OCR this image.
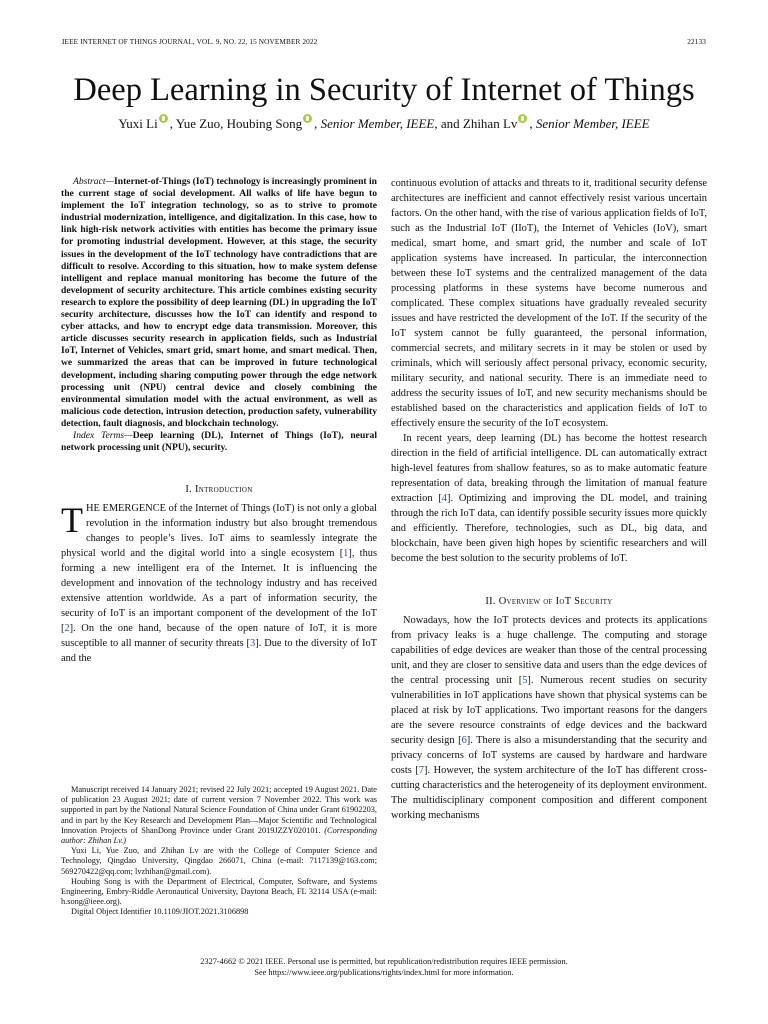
IEEE INTERNET OF THINGS JOURNAL, VOL. 9, NO. 22, 15 NOVEMBER 2022	22133
Deep Learning in Security of Internet of Things
Yuxi Li , Yue Zuo, Houbing Song , Senior Member, IEEE, and Zhihan Lv , Senior Member, IEEE

Abstract—Internet-of-Things (IoT) technology is increasingly prominent in the current stage of social development. All walks of life have begun to implement the IoT integration technology, so as to strive to promote industrial modernization, intelligence, and digitalization. In this case, how to link high-risk network activities with entities has become the primary issue for promoting industrial development. However, at this stage, the security issues in the development of the IoT technology have contradictions that are difficult to resolve. According to this situation, how to make system defense intelligent and replace manual monitoring has become the future of the development of security architecture. This article combines existing security research to explore the possibility of deep learning (DL) in upgrading the IoT security architecture, discusses how the IoT can identify and respond to cyber attacks, and how to encrypt edge data transmission. Moreover, this article discusses security research in application fields, such as Industrial IoT, Internet of Vehicles, smart grid, smart home, and smart medical. Then, we summarized the areas that can be improved in future technological development, including sharing computing power through the edge network processing unit (NPU) central device and closely combining the environmental simulation model with the actual environment, as well as malicious code detection, intrusion detection, production safety, vulnerability detection, fault diagnosis, and blockchain technology.

Index Terms—Deep learning (DL), Internet of Things (IoT), neural network processing unit (NPU), security.

I. Introduction

THE EMERGENCE of the Internet of Things (IoT) is not only a global revolution in the information industry but also brought tremendous changes to people’s lives. IoT aims to seamlessly integrate the physical world and the digital world into a single ecosystem [1], thus forming a new intelligent era of the Internet. It is influencing the development and innovation of the technology industry and has received extensive attention worldwide. As a part of information security, the security of IoT is an important component of the development of the IoT [2]. On the one hand, because of the open nature of IoT, it is more susceptible to all manner of security threats [3]. Due to the diversity of IoT and the

Manuscript received 14 January 2021; revised 22 July 2021; accepted 19 August 2021. Date of publication 23 August 2021; date of current version 7 November 2022. This work was supported in part by the National Natural Science Foundation of China under Grant 61902203, and in part by the Key Research and Development Plan—Major Scientific and Technological Innovation Projects of ShanDong Province under Grant 2019JZZY020101. (Corresponding author: Zhihan Lv.)

Yuxi Li, Yue Zuo, and Zhihan Lv are with the College of Computer Science and Technology, Qingdao University, Qingdao 266071, China (e-mail: 7117139@163.com; 569270422@qq.com; lvzhihan@gmail.com).

Houbing Song is with the Department of Electrical, Computer, Software, and Systems Engineering, Embry-Riddle Aeronautical University, Daytona Beach, FL 32114 USA (e-mail: h.song@ieee.org).

Digital Object Identifier 10.1109/JIOT.2021.3106898

continuous evolution of attacks and threats to it, traditional security defense architectures are inefficient and cannot effectively resist various uncertain factors. On the other hand, with the rise of various application fields of IoT, such as the Industrial IoT (IIoT), the Internet of Vehicles (IoV), smart medical, smart home, and smart grid, the number and scale of IoT application systems have increased. In particular, the interconnection between these IoT systems and the centralized management of the data processing platforms in these systems have become numerous and complicated. These complex situations have gradually revealed security issues and have restricted the development of the IoT. If the security of the IoT system cannot be fully guaranteed, the personal information, commercial secrets, and military secrets in it may be stolen or used by criminals, which will seriously affect personal privacy, economic security, military security, and national security. There is an immediate need to address the security issues of IoT, and new security mechanisms should be established based on the characteristics and application fields of IoT to effectively ensure the security of the IoT ecosystem.

In recent years, deep learning (DL) has become the hottest research direction in the field of artificial intelligence. DL can automatically extract high-level features from shallow features, so as to make automatic feature representation of data, breaking through the limitation of manual feature extraction [4]. Optimizing and improving the DL model, and training through the rich IoT data, can identify possible security issues more quickly and efficiently. Therefore, technologies, such as DL, big data, and blockchain, have been given high hopes by scientific researchers and will become the best solution to the security problems of IoT.

II. Overview of IoT Security

Nowadays, how the IoT protects devices and protects its applications from privacy leaks is a huge challenge. The computing and storage capabilities of edge devices are weaker than those of the central processing unit, and they are closer to sensitive data and users than the edge devices of the central processing unit [5]. Numerous recent studies on security vulnerabilities in IoT applications have shown that physical systems can be placed at risk by IoT applications. Two important reasons for the dangers are the severe resource constraints of edge devices and the backward security design [6]. There is also a misunderstanding that the security and privacy concerns of IoT systems are caused by hardware and hardware costs [7]. However, the system architecture of the IoT has different cross-cutting characteristics and the heterogeneity of its deployment environment. The multidisciplinary component composition and different component working mechanisms

2327-4662 © 2021 IEEE. Personal use is permitted, but republication/redistribution requires IEEE permission.
See https://www.ieee.org/publications/rights/index.html for more information.
